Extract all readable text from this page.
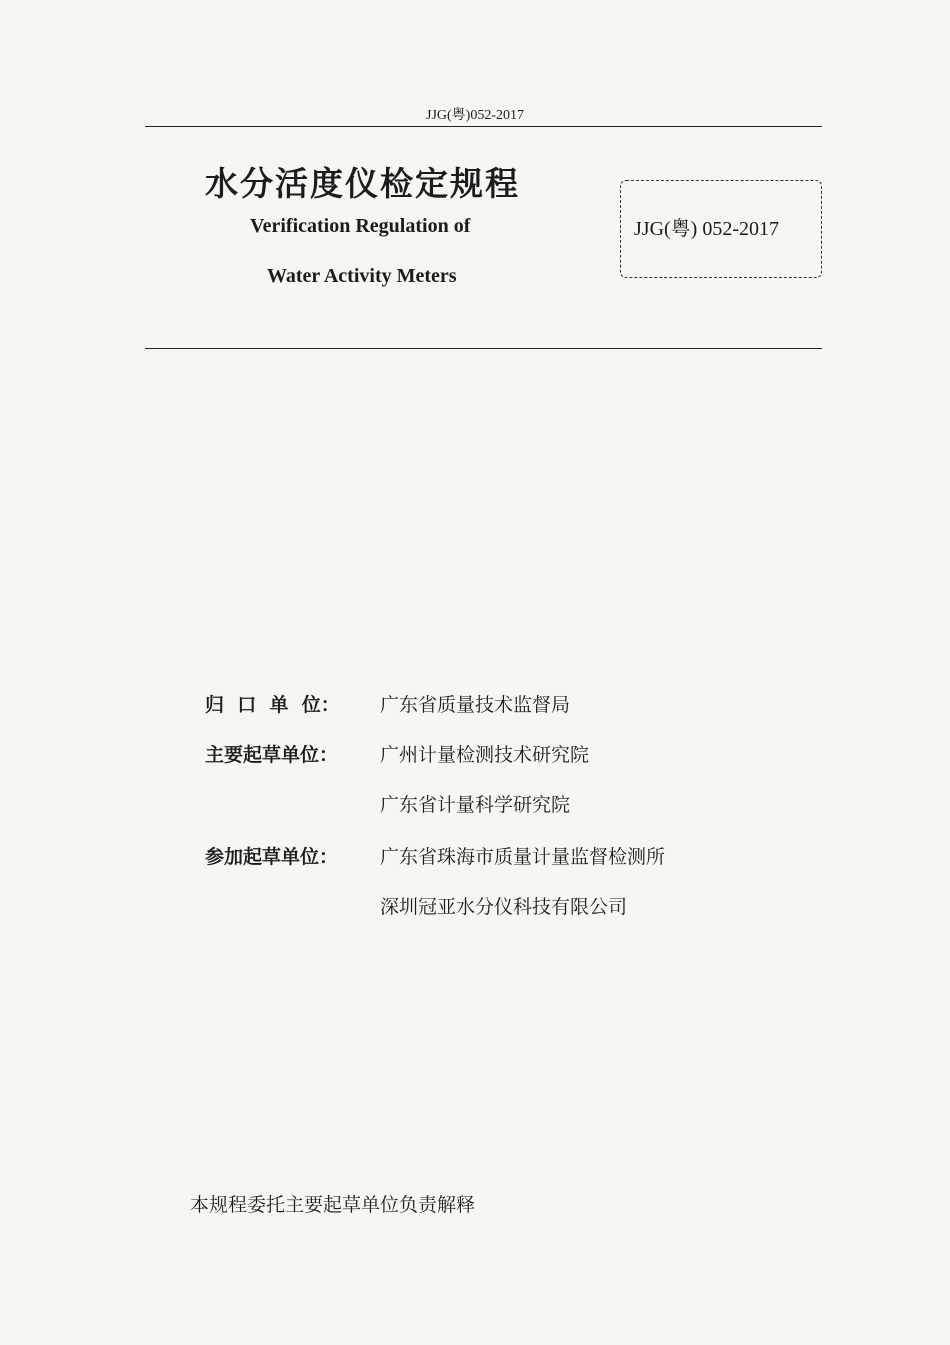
JJG(粤)052-2017
水分活度仪检定规程
Verification Regulation of
Water Activity Meters
JJG(粤) 052-2017
归  口  单  位： 广东省质量技术监督局
主要起草单位： 广州计量检测技术研究院
广东省计量科学研究院
参加起草单位： 广东省珠海市质量计量监督检测所
深圳冠亚水分仪科技有限公司
本规程委托主要起草单位负责解释
